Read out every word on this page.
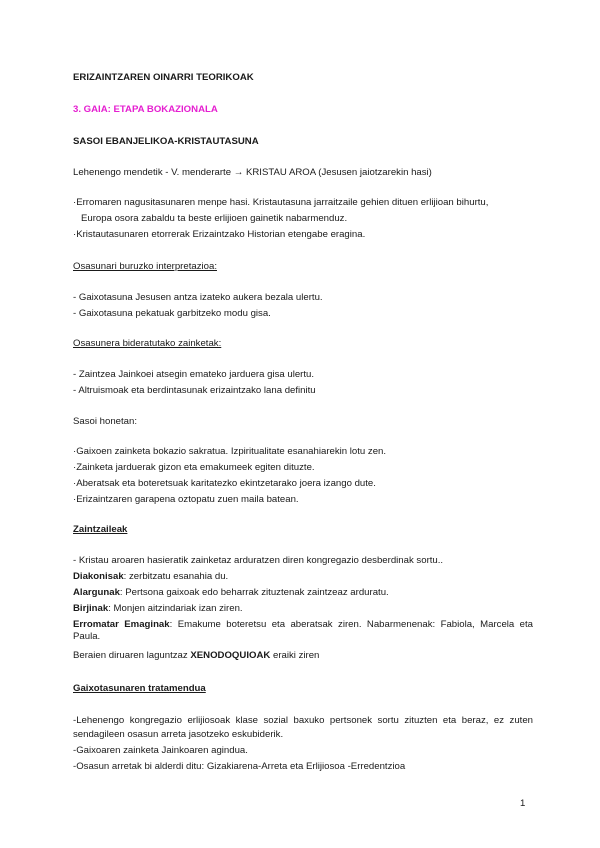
ERIZAINTZAREN OINARRI TEORIKOAK
3. GAIA: ETAPA BOKAZIONALA
SASOI EBANJELIKOA-KRISTAUTASUNA
Lehenengo mendetik - V. menderarte → KRISTAU AROA (Jesusen jaiotzarekin hasi)
·Erromaren nagusitasunaren menpe hasi. Kristautasuna jarraitzaile gehien dituen erlijioan bihurtu,
Europa osora zabaldu ta beste erlijioen gainetik nabarmenduz.
·Kristautasunaren etorrerak Erizaintzako Historian etengabe eragina.
Osasunari buruzko interpretazioa:
- Gaixotasuna Jesusen antza izateko aukera bezala ulertu.
- Gaixotasuna pekatuak garbitzeko modu gisa.
Osasunera bideratutako zainketak:
- Zaintzea Jainkoei atsegin emateko jarduera gisa ulertu.
- Altruismoak eta berdintasunak erizaintzako lana definitu
Sasoi honetan:
·Gaixoen zainketa bokazio sakratua. Izpiritualitate esanahiarekin lotu zen.
·Zainketa jarduerak gizon eta emakumeek egiten dituzte.
·Aberatsak eta boteretsuak karitatezko ekintzetarako joera izango dute.
·Erizaintzaren garapena oztopatu zuen maila batean.
Zaintzaileak
- Kristau aroaren hasieratik zainketaz arduratzen diren kongregazio desberdinak sortu..
Diakonisak: zerbitzatu esanahia du.
Alargunak: Pertsona gaixoak edo beharrak zituztenak zaintzeaz arduratu.
Birjinak: Monjen aitzindariak izan ziren.
Erromatar Emaginak: Emakume boteretsu eta aberatsak ziren. Nabarmenenak: Fabiola, Marcela eta Paula.
Beraien diruaren laguntzaz XENODOQUIOAK eraiki ziren
Gaixotasunaren tratamendua
-Lehenengo kongregazio erlijiosoak klase sozial baxuko pertsonek sortu zituzten eta beraz, ez zuten sendagileen osasun arreta jasotzeko eskubiderik.
-Gaixoaren zainketa Jainkoaren agindua.
-Osasun arretak bi alderdi ditu: Gizakiarena-Arreta eta Erlijiosoa -Erredentzioa
1
